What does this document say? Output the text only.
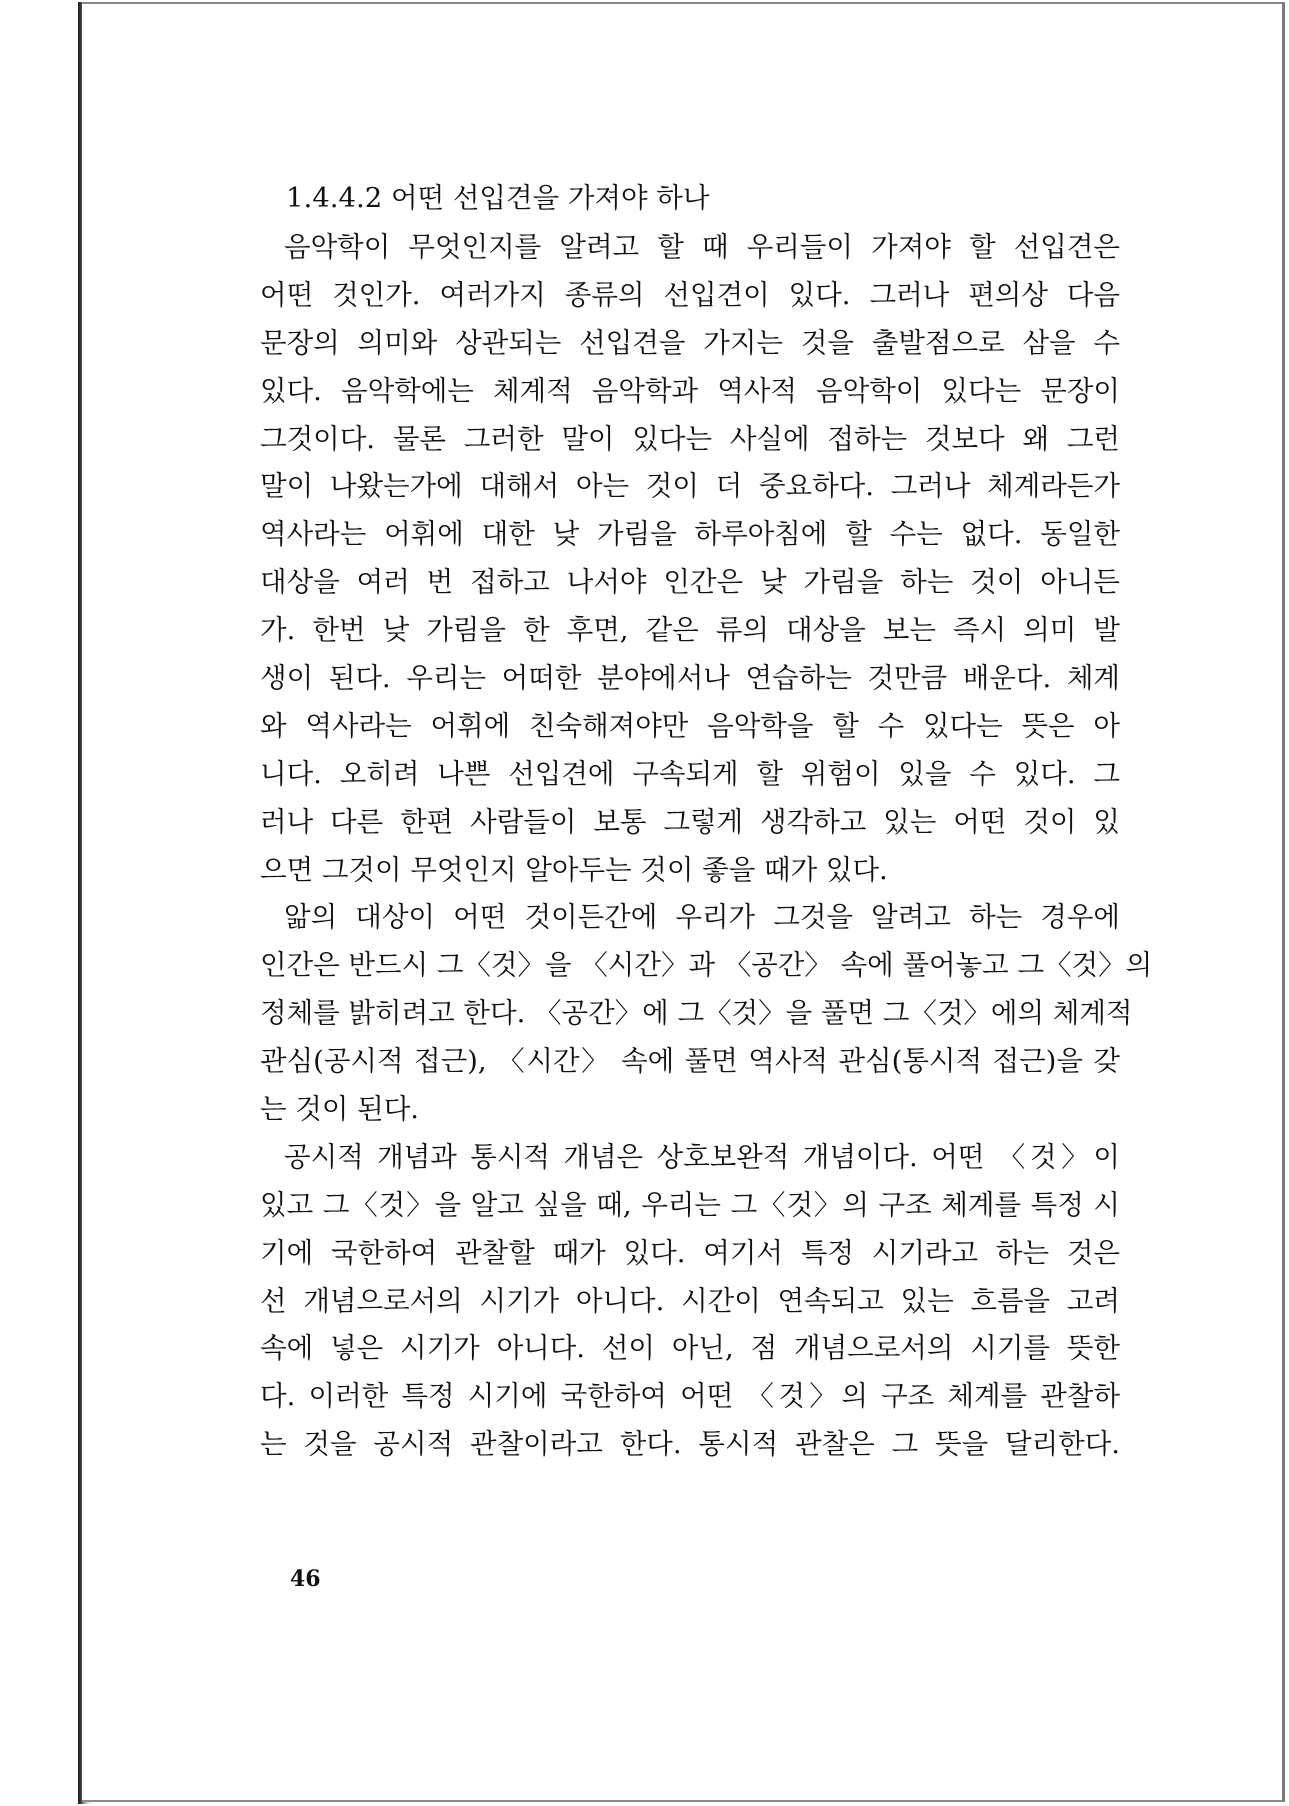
1.4.4.2 어떤 선입견을 가져야 하나
음악학이 무엇인지를 알려고 할 때 우리들이 가져야 할 선입견은
어떤 것인가. 여러가지 종류의 선입견이 있다. 그러나 편의상 다음
문장의 의미와 상관되는 선입견을 가지는 것을 출발점으로 삼을 수
있다. 음악학에는 체계적 음악학과 역사적 음악학이 있다는 문장이
그것이다. 물론 그러한 말이 있다는 사실에 접하는 것보다 왜 그런
말이 나왔는가에 대해서 아는 것이 더 중요하다. 그러나 체계라든가
역사라는 어휘에 대한 낮 가림을 하루아침에 할 수는 없다. 동일한
대상을 여러 번 접하고 나서야 인간은 낮 가림을 하는 것이 아니든
가. 한번 낮 가림을 한 후면, 같은 류의 대상을 보는 즉시 의미 발
생이 된다. 우리는 어떠한 분야에서나 연습하는 것만큼 배운다. 체계
와 역사라는 어휘에 친숙해져야만 음악학을 할 수 있다는 뜻은 아
니다. 오히려 나쁜 선입견에 구속되게 할 위험이 있을 수 있다. 그
러나 다른 한편 사람들이 보통 그렇게 생각하고 있는 어떤 것이 있
으면 그것이 무엇인지 알아두는 것이 좋을 때가 있다.
앎의 대상이 어떤 것이든간에 우리가 그것을 알려고 하는 경우에
인간은 반드시 그〈것〉을 〈시간〉과 〈공간〉 속에 풀어놓고 그〈것〉의
정체를 밝히려고 한다. 〈공간〉에 그〈것〉을 풀면 그〈것〉에의 체계적
관심(공시적 접근), 〈시간〉 속에 풀면 역사적 관심(통시적 접근)을 갖
는 것이 된다.
공시적 개념과 통시적 개념은 상호보완적 개념이다. 어떤 〈것〉이
있고 그〈것〉을 알고 싶을 때, 우리는 그〈것〉의 구조 체계를 특정 시
기에 국한하여 관찰할 때가 있다. 여기서 특정 시기라고 하는 것은
선 개념으로서의 시기가 아니다. 시간이 연속되고 있는 흐름을 고려
속에 넣은 시기가 아니다. 선이 아닌, 점 개념으로서의 시기를 뜻한
다. 이러한 특정 시기에 국한하여 어떤 〈것〉의 구조 체계를 관찰하
는 것을 공시적 관찰이라고 한다. 통시적 관찰은 그 뜻을 달리한다.
46
